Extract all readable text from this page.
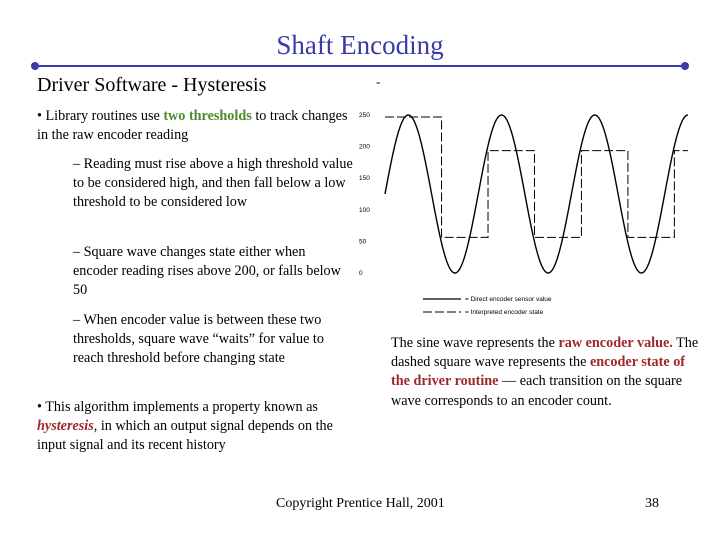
Shaft Encoding
Driver Software - Hysteresis	-
• Library routines use two thresholds to track changes in the raw encoder reading
– Reading must rise above a high threshold value to be considered high, and then fall below a low threshold to be considered low
– Square wave changes state either when encoder reading rises above 200, or falls below 50
– When encoder value is between these two thresholds, square wave “waits” for value to reach threshold before changing state
• This algorithm implements a property known as hysteresis, in which an output signal depends on the input signal and its recent history
250
200
150
100
50
0
= Direct encoder sensor value
= Interpreted encoder state
The sine wave represents the raw encoder value. The dashed square wave represents the encoder state of the driver routine — each transition on the square wave corresponds to an encoder count.
Copyright Prentice Hall, 2001	38
